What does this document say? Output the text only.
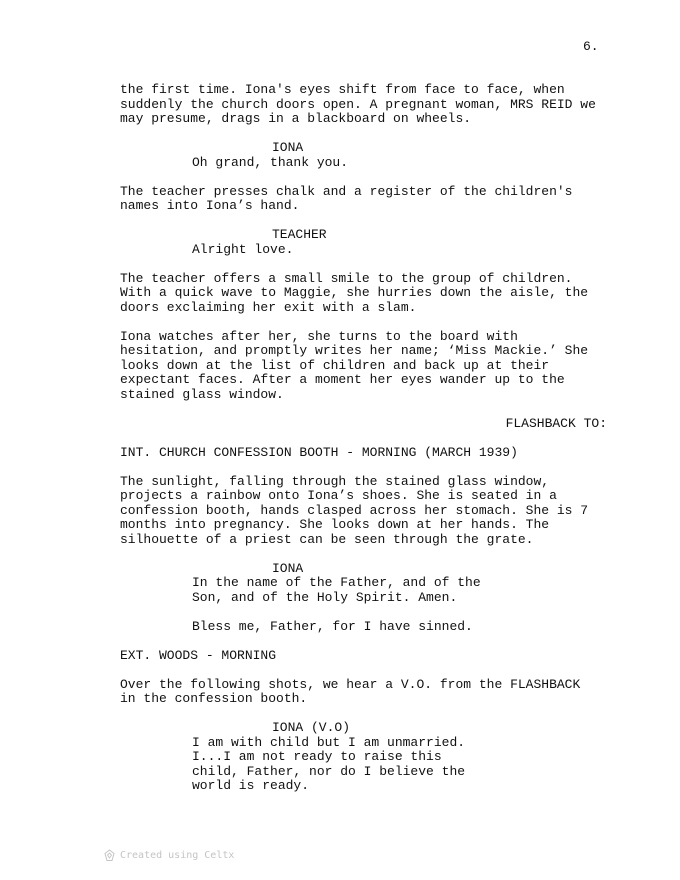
6.

the first time. Iona's eyes shift from face to face, when
suddenly the church doors open. A pregnant woman, MRS REID we
may presume, drags in a blackboard on wheels.

IONA

Oh grand, thank you.

The teacher presses chalk and a register of the children's
names into Iona’s hand.

TEACHER

Alright love.

The teacher offers a small smile to the group of children.
With a quick wave to Maggie, she hurries down the aisle, the
doors exclaiming her exit with a slam.

Iona watches after her, she turns to the board with
hesitation, and promptly writes her name; ‘Miss Mackie.’ She
looks down at the list of children and back up at their
expectant faces. After a moment her eyes wander up to the
stained glass window.

FLASHBACK TO:

INT. CHURCH CONFESSION BOOTH - MORNING (MARCH 1939)

The sunlight, falling through the stained glass window,
projects a rainbow onto Iona’s shoes. She is seated in a
confession booth, hands clasped across her stomach. She is 7
months into pregnancy. She looks down at her hands. The
silhouette of a priest can be seen through the grate.

IONA

In the name of the Father, and of the
Son, and of the Holy Spirit. Amen.

Bless me, Father, for I have sinned.

EXT. WOODS - MORNING

Over the following shots, we hear a V.O. from the FLASHBACK
in the confession booth.

IONA (V.O)

I am with child but I am unmarried.
I...I am not ready to raise this
child, Father, nor do I believe the
world is ready.

Created using Celtx
